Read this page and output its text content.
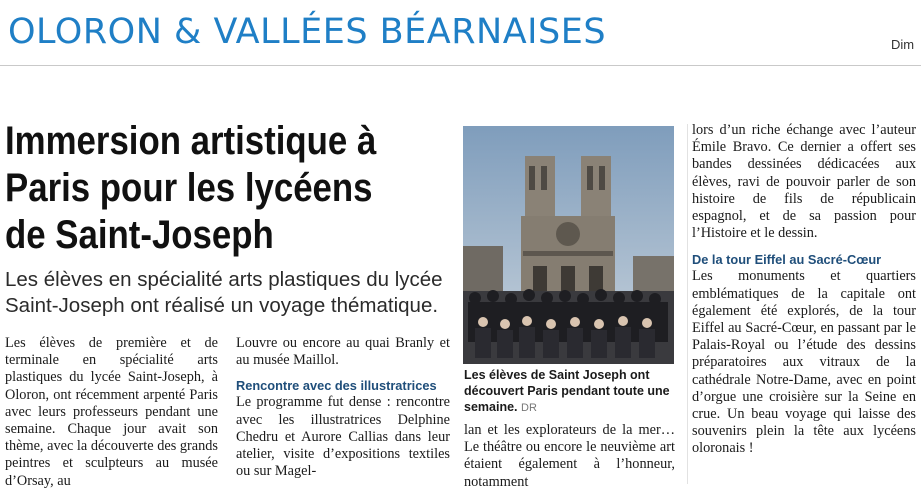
OLORON & VALLÉES BÉARNAISES	Dim
Immersion artistique à
Paris pour les lycéens
de Saint-Joseph

Les élèves en spécialité arts plastiques du lycée Saint-Joseph ont réalisé un voyage thématique.

Les élèves de première et de terminale en spécialité arts plastiques du lycée Saint-Joseph, à Oloron, ont récemment arpenté Paris avec leurs professeurs pendant une semaine. Chaque jour avait son thème, avec la découverte des grands peintres et sculpteurs au musée d’Orsay, au

Louvre ou encore au quai Branly et au musée Maillol.

Rencontre avec des illustratrices

Le programme fut dense : rencontre avec les illustratrices Delphine Chedru et Aurore Callias dans leur atelier, visite d’expositions textiles ou sur Magel-

Les élèves de Saint Joseph ont découvert Paris pendant toute une semaine. DR

lan et les explorateurs de la mer… Le théâtre ou encore le neuvième art étaient également à l’honneur, notamment

lors d’un riche échange avec l’auteur Émile Bravo. Ce dernier a offert ses bandes dessinées dédicacées aux élèves, ravi de pouvoir parler de son histoire de fils de républicain espagnol, et de sa passion pour l’Histoire et le dessin.

De la tour Eiffel au Sacré-Cœur

Les monuments et quartiers emblématiques de la capitale ont également été explorés, de la tour Eiffel au Sacré-Cœur, en passant par le Palais-Royal ou l’étude des dessins préparatoires aux vitraux de la cathédrale Notre-Dame, avec en point d’orgue une croisière sur la Seine en crue. Un beau voyage qui laisse des souvenirs plein la tête aux lycéens oloronais !
